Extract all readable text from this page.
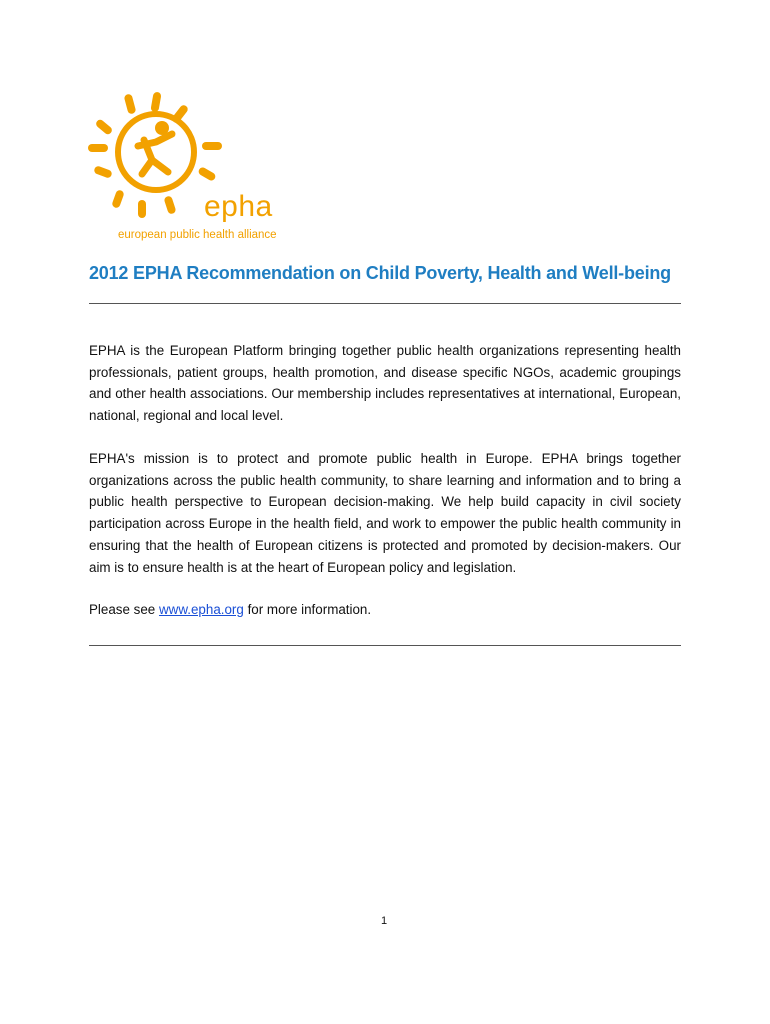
epha
european public health alliance
2012 EPHA Recommendation on Child Poverty, Health and Well-being
EPHA is the European Platform bringing together public health organizations representing health professionals, patient groups, health promotion, and disease specific NGOs, academic groupings and other health associations. Our membership includes representatives at international, European, national, regional and local level.
EPHA's mission is to protect and promote public health in Europe. EPHA brings together organizations across the public health community, to share learning and information and to bring a public health perspective to European decision-making. We help build capacity in civil society participation across Europe in the health field, and work to empower the public health community in ensuring that the health of European citizens is protected and promoted by decision-makers. Our aim is to ensure health is at the heart of European policy and legislation.
Please see www.epha.org for more information.
1
